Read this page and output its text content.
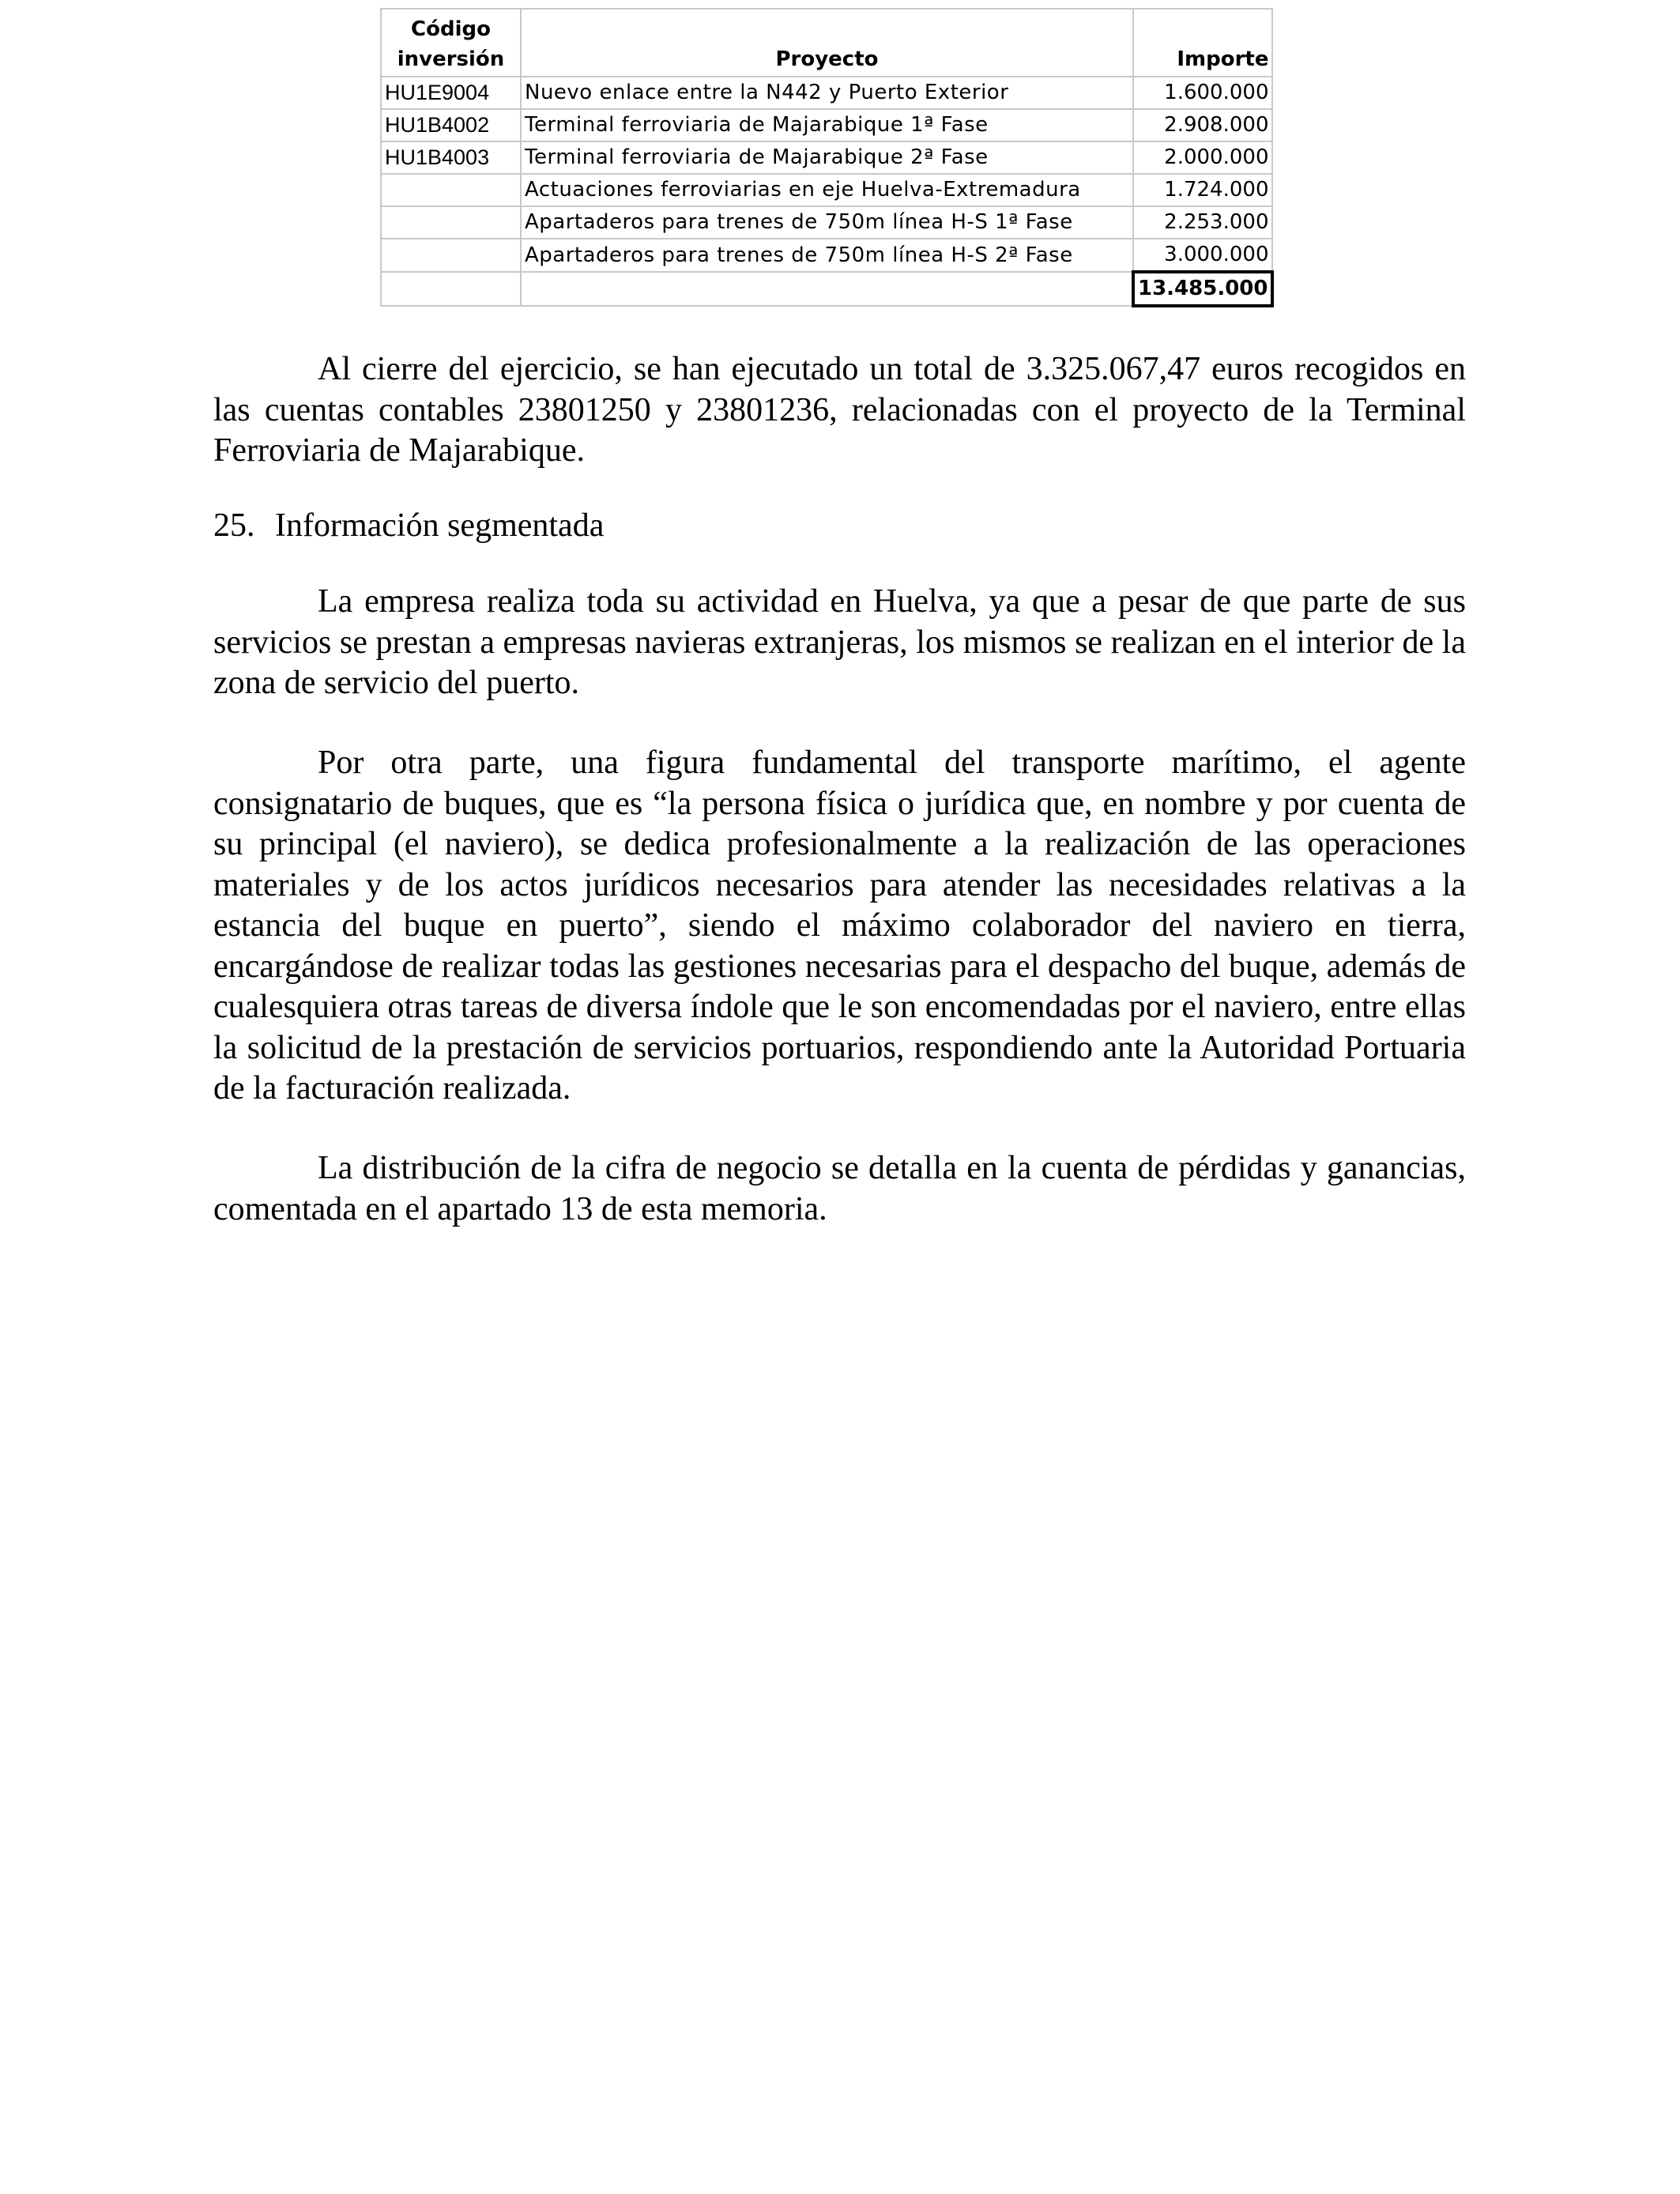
Código
inversión	Proyecto	Importe
HU1E9004	Nuevo enlace entre la N442 y Puerto Exterior	1.600.000
HU1B4002	Terminal ferroviaria de Majarabique 1ª Fase	2.908.000
HU1B4003	Terminal ferroviaria de Majarabique 2ª Fase	2.000.000
	Actuaciones ferroviarias en eje Huelva-Extremadura	1.724.000
	Apartaderos para trenes de 750m línea H-S 1ª Fase	2.253.000
	Apartaderos para trenes de 750m línea H-S 2ª Fase	3.000.000
		13.485.000

Al cierre del ejercicio, se han ejecutado un total de 3.325.067,47 euros recogidos en las cuentas contables 23801250 y 23801236, relacionadas con el proyecto de la Terminal Ferroviaria de Majarabique.

25. Información segmentada

La empresa realiza toda su actividad en Huelva, ya que a pesar de que parte de sus servicios se prestan a empresas navieras extranjeras, los mismos se realizan en el interior de la zona de servicio del puerto.

Por otra parte, una figura fundamental del transporte marítimo, el agente consignatario de buques, que es “la persona física o jurídica que, en nombre y por cuenta de su principal (el naviero), se dedica profesionalmente a la realización de las operaciones materiales y de los actos jurídicos necesarios para atender las necesidades relativas a la estancia del buque en puerto”, siendo el máximo colaborador del naviero en tierra, encargándose de realizar todas las gestiones necesarias para el despacho del buque, además de cualesquiera otras tareas de diversa índole que le son encomendadas por el naviero, entre ellas la solicitud de la prestación de servicios portuarios, respondiendo ante la Autoridad Portuaria de la facturación realizada.

La distribución de la cifra de negocio se detalla en la cuenta de pérdidas y ganancias, comentada en el apartado 13 de esta memoria.
